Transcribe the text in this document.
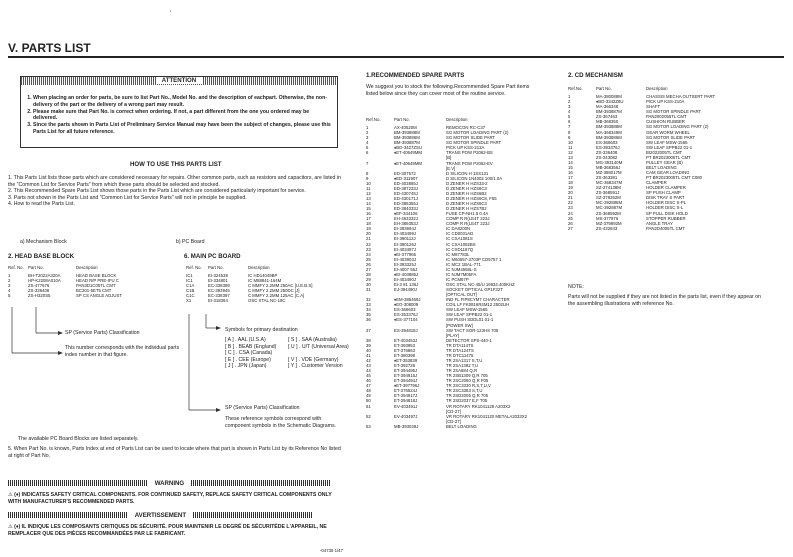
'
V. PARTS LIST
ATTENTION
1. When placing an order for parts, be sure to list Part No., Model No. and the description of eachpart. Otherwise, the non-delivery of the part or the delivery of a wrong part may result.
2. Please make sure that Part No. is correct when ordering. If not, a part different from the one you ordered may be delivered.
3. Since the parts shown in Parts List of Preliminary Service Manual may have been the subject of changes, please use this Parts List for all future reference.
HOW TO USE THIS PARTS LIST
1. This Parts List lists those parts which are considered necessary for repairs. Other common parts, such as resistors and capacitors, are listed in the "Common List for Service Parts" from which these parts should be selected and stocked.
2. This Recommended Spare Parts List shows those parts in the Parts List which are considered particularly important for service.
3. Parts not shown in the Parts List and "Common List for Service Parts" will not in principle be supplied.
4. How to read the Parts List.
a) Mechanism Block	b) PC Board
2. HEAD BASE BLOCK
Ref. No.	Part No.	Description

1	BH-T2022A320A	HEAD BASE BLOCK
2	HP-K2208A010A	HEAD R/P PRE-IFU C
3	ZS-477676	PAN3D1C05TL CMT
4	ZS-336408	BC201-5ET5 CMT
5	ZS-H320S5	SP CS ANGLE ADJUST
SP (Service Parts) Classification
This number corresponds with the individual parts index number in that figure.
6. MAIN PC BOARD
Ref. No.	Part No.	Description

IC1	EI-324538	IC HD14049BP
IC1	EI-334801	IC M88841-164M
C1A	EC-338399	C MMFY 2.2ΜM 250AC [U.E.B.S]
C1B	EC-393945	C MMFY 2.2ΜM 250DC [J]
C1C	EC-338397	C MMFY 2.2ΜM 125AC [C.A]
X1	EI-318394	OSC XTAL NC-18C
Symbols for primary destination
[ A ] . AAL (U.S.A)
[ B ] . BEAB (England)
[ C ] . CSA (Canada)
[ E ] . CEE (Europe)
[ J ] . JPN (Japan)
[ S ] . SAA (Australia)
[ U ] . U/T (Universal Area)

[ V ] . VDE (Germany)
[ Y ] . Customer Version
SP (Service Parts) Classification
These reference symbols correspond with component symbols in the Schematic Diagrams.
The available PC Board Blocks are listed separately.
5. When Part No. is known, Parts Index at end of Parts List can be used to locate where that part is shown in Parts List by its Reference No listed at right of Part No.
WARNING
⚠ (♦) INDICATES SAFETY CRITICAL COMPONENTS. FOR CONTINUED SAFETY, REPLACE SAFETY CRITICAL COMPONENTS ONLY WITH MANUFACTURER'S RECOMMENDED PARTS.
AVERTISSEMENT
⚠ (♦) IL INDIQUE LES COMPOSANTS CRITIQUES DE SÉCURITÉ. POUR MAINTENIR LE DEGRÉ DE SÉCURITÉDE L'APPAREIL, NE REMPLACER QUE DES PIÈCES RECOMMANDÉES PAR LE FABRICANT.
-04735 1/47
1.RECOMMENDED SPARE PARTS
We suggest you to stock the following.Recommended Spare Part items listed below since they can cover most of the routine service.
Ref.No.	Part No.	Description

1	AX-40520M	REMOCON RC-C37
2	BM-393888M	SG MOTOR LOADING PART (2)
3	BM-393886M	SG MOTOR SLIDE PART
4	BM-393887M	SG MOTOR SPINDLE PART
5	♦BO-3427ZSU	PICK UP KSS-213A
6	♦ET-40649MM	TRANS POW P2062-BS
		[B]
7	♦ET-40649MM	TRANS POW P2062-EV
		[E.V]
8	ED-307572	D SILICON H 1SS131
9	♦ED-311907	D SILICON 1N4002 100/1.0A
10	ED-403865J	D ZENER H HZS33-2
11	ED-387233J	D ZENER H HZS6C3
12	ED-430745J	D ZENER H HZS6B2
13	ED-430171J	D ZENER H HZS6C8, F55
14	ED-386355J	D ZENER H HZS6C3
15	ED-384033J	D ZENER H HZS7B2
16	♦EF-344106	FUSE CP-NH1.5 0.4A
17	EH-463332J	COMP R R(LE4T 223J
18	EH-389353J	COMP R R(LE4T 223J
19	EI-393694J	IC DA8200N
20	EI-403499J	IC CD0031AD
21	EI-390112J	IC CXA1081S
22	EI-390126J	IC CXA1082BS
23	EI-403497J	IC CXD1167Q
24	♦EI-377965	IC M87783L
25	EI-403903J	IC M60557-3703P CD5757 1
26	EI-393325J	IC MC2 1BAL-771
27	EI-4007 55J	IC NJM4558L-S
28	♦EI-403885J	IC NJM7M05FA
29	EI-403490J	IC PCM67P
30	EI-3 81 136J	OSC XTAL NC-45/U 16934.400KHZ
31	EJ-394490J	SOCKET OPTICAL GP1F32T
		[OPTICAL OUT]
32	♦EM-385469J	IND FL FIP8CYM7 CHARACTER
33	♦EO-308009	COIL LF FK0816R4M12 2502UH
34	ES-366603	SW LEAF MSW-1565
35	ES-353376J	SW LEAF SPPB22 01-1
36	♦ES-377104	SW PUSH SDDL01 01-1
		[POWER SW]
37	ES-394818J	SW TACT SOR-123HS 705
		[PLAY]
38	ET-403453J	DETECTOR SPS-440-1
39	ET-393953	TR DTA114TS
40	ET-376863	TR DTA124TS
41	ET-380398	TR DTC11475
42	♦ET-353839	TR 2SA1317 S,T,U
43	ET-392728	TR 2SA1382 T,U
44	ET-394495J	TR 2SA684 Q,R
45	ET-394915J	TR 2SB1309 Q,R 705
46	ET-394494J	TR 2SC2060 Q,R F05
47	♦ET-397796J	TR 2SC3330 R,S,T,U,V
48	ET-376524J	TR 2SC3383 S,T,U
49	ET-394917J	TR 2SD2005 Q,R 705
50	ET-394818J	TR 2SD2037 E,F T05
51	EV-403491J	VR ROTARY RK1041128 A203X2
		[CD-27]
52	EV-403497J	VR ROTARY RK1041120 METALA2033X2
		[CD-27]
53	MB-393039J	BELT LOADING
2. CD MECHANISM
Ref.No.	Part No.	Description

1	MA-380088M	CHASSIS MECHA OUTSERT PART
2	♦BO-3342Z8U	PICK UP KSS-210A
3	MA-366348	SHAFT
4	BM-393887M	SG MOTOR SPINDLE PART
5	ZS-367463	PAN2002055TL CMT
6	MB-368350	CUSHION RUBBER
7	BM-393888M	SG MOTOR LOADING PART (2)
8	MA-368349M	GEAR WORM WHEEL
9	BM-393886M	SG MOTOR SLIDE PART
10	ES-368603	SW LEAF MSW-1565
11	ES-393376J	SW LEAF SPPB22 01-1
12	ZS-336408	BI2022005TL CMT
13	ZS-343082	PT BR2023005TL CMT
14	MG-393140M	PULLEY GEAR (B)
15	MB-368356J	BELT LOADING
16	MZ-388017M	CAM GEAR LOADING
17	ZS-363381	PT BR2023005TL CMT C080
18	MC-368347M	CLAMPER
19	SZ-374138M	HOLDER CLAMPER
20	ZS-368591J	SP PUSH CLAMP
21	SZ-379262M	DISK TRAY S PART
22	MC-392886M	HOLDER DISC S-PL
23	MC-392887M	HOLDER DISC S-L
24	ZS-368592M	SP PULL DISK HOLD
25	MS-377976	STOPPER RUBBER
26	MZ-379892M	ANGLE TRAY
27	ZS-432843	PAN2D4005TL CMT
NOTE:
Parts will not be supplied if they are not listed in the parts list, even if they appear on the assembling illustrations with reference No.
